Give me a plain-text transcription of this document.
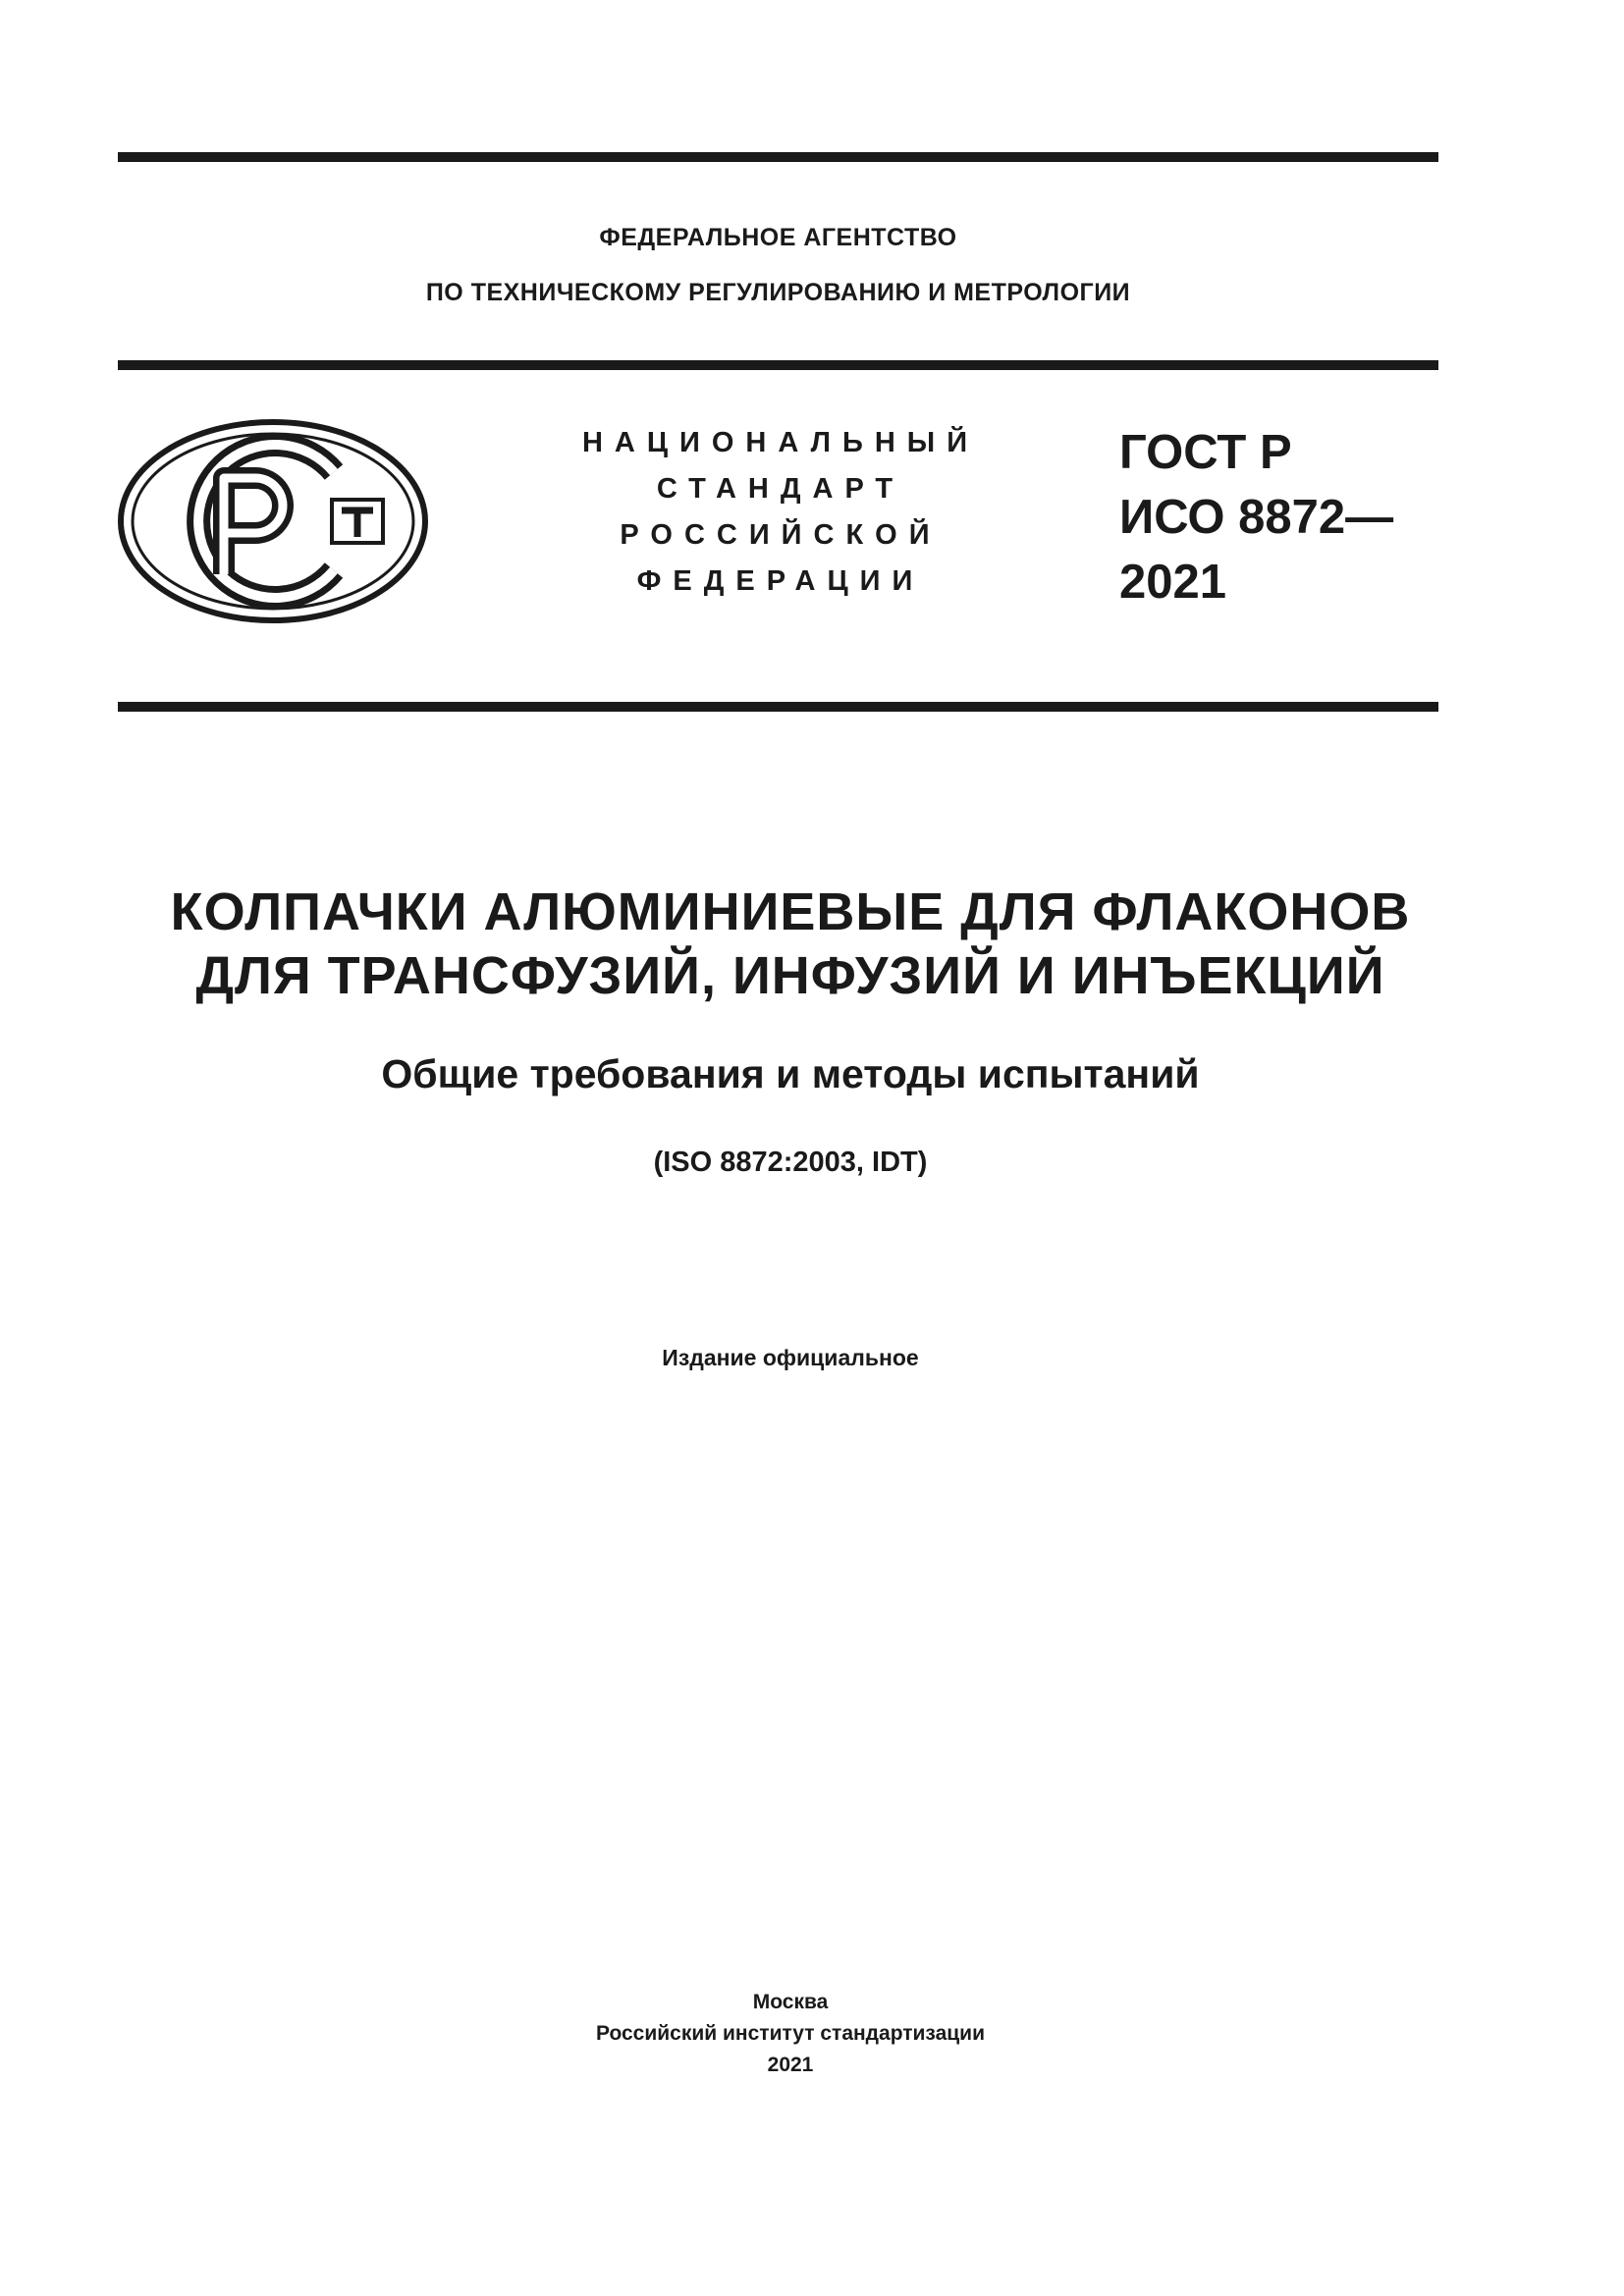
ФЕДЕРАЛЬНОЕ АГЕНТСТВО
ПО ТЕХНИЧЕСКОМУ РЕГУЛИРОВАНИЮ И МЕТРОЛОГИИ
НАЦИОНАЛЬНЫЙ
СТАНДАРТ
РОССИЙСКОЙ
ФЕДЕРАЦИИ
ГОСТ Р
ИСО 8872—
2021
КОЛПАЧКИ АЛЮМИНИЕВЫЕ ДЛЯ ФЛАКОНОВ
ДЛЯ ТРАНСФУЗИЙ, ИНФУЗИЙ И ИНЪЕКЦИЙ
Общие требования и методы испытаний
(ISO 8872:2003, IDT)
Издание официальное
Москва
Российский институт стандартизации
2021
